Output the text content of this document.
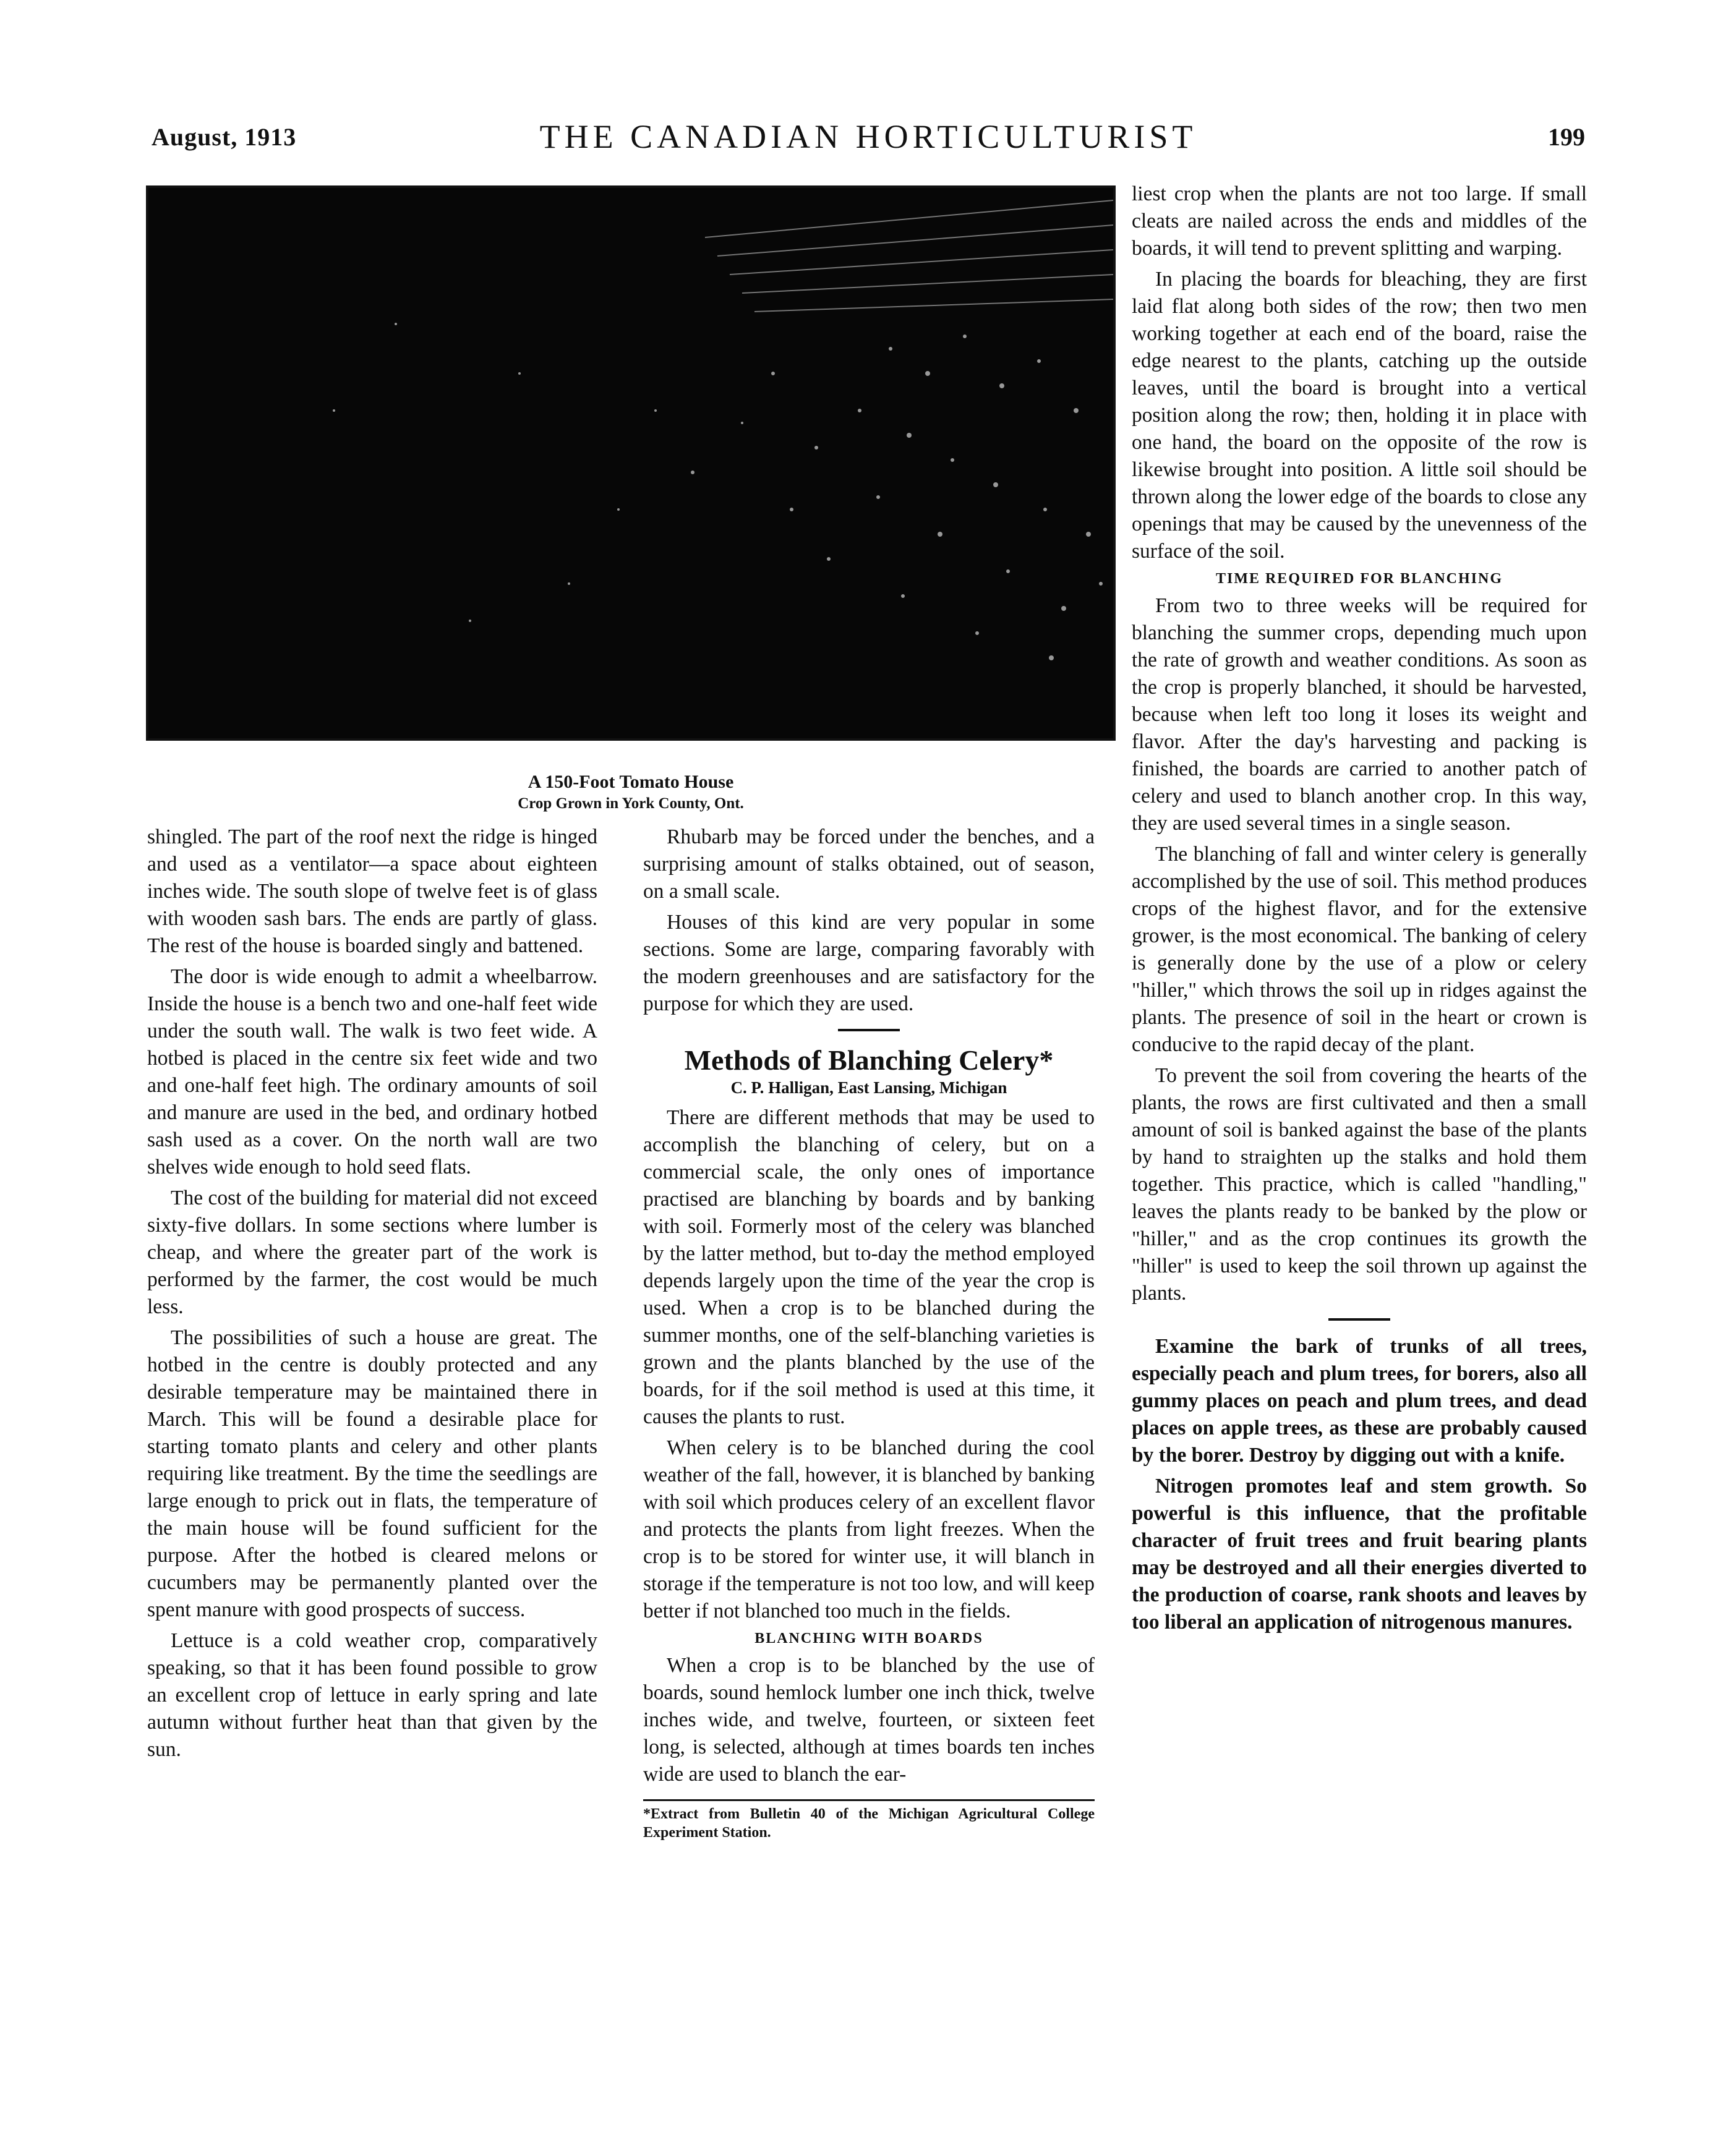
August, 1913	THE CANADIAN HORTICULTURIST	199
A 150-Foot Tomato House
Crop Grown in York County, Ont.

shingled. The part of the roof next the ridge is hinged and used as a ventilator—a space about eighteen inches wide. The south slope of twelve feet is of glass with wooden sash bars. The ends are partly of glass. The rest of the house is boarded singly and battened.

The door is wide enough to admit a wheelbarrow. Inside the house is a bench two and one-half feet wide under the south wall. The walk is two feet wide. A hotbed is placed in the centre six feet wide and two and one-half feet high. The ordinary amounts of soil and manure are used in the bed, and ordinary hotbed sash used as a cover. On the north wall are two shelves wide enough to hold seed flats.

The cost of the building for material did not exceed sixty-five dollars. In some sections where lumber is cheap, and where the greater part of the work is performed by the farmer, the cost would be much less.

The possibilities of such a house are great. The hotbed in the centre is doubly protected and any desirable temperature may be maintained there in March. This will be found a desirable place for starting tomato plants and celery and other plants requiring like treatment. By the time the seedlings are large enough to prick out in flats, the temperature of the main house will be found sufficient for the purpose. After the hotbed is cleared melons or cucumbers may be permanently planted over the spent manure with good prospects of success.

Lettuce is a cold weather crop, comparatively speaking, so that it has been found possible to grow an excellent crop of lettuce in early spring and late autumn without further heat than that given by the sun.

Rhubarb may be forced under the benches, and a surprising amount of stalks obtained, out of season, on a small scale.

Houses of this kind are very popular in some sections. Some are large, comparing favorably with the modern greenhouses and are satisfactory for the purpose for which they are used.

Methods of Blanching Celery*
C. P. Halligan, East Lansing, Michigan

There are different methods that may be used to accomplish the blanching of celery, but on a commercial scale, the only ones of importance practised are blanching by boards and by banking with soil. Formerly most of the celery was blanched by the latter method, but to-day the method employed depends largely upon the time of the year the crop is used. When a crop is to be blanched during the summer months, one of the self-blanching varieties is grown and the plants blanched by the use of the boards, for if the soil method is used at this time, it causes the plants to rust.

When celery is to be blanched during the cool weather of the fall, however, it is blanched by banking with soil which produces celery of an excellent flavor and protects the plants from light freezes. When the crop is to be stored for winter use, it will blanch in storage if the temperature is not too low, and will keep better if not blanched too much in the fields.

BLANCHING WITH BOARDS

When a crop is to be blanched by the use of boards, sound hemlock lumber one inch thick, twelve inches wide, and twelve, fourteen, or sixteen feet long, is selected, although at times boards ten inches wide are used to blanch the ear-

*Extract from Bulletin 40 of the Michigan Agricultural College Experiment Station.

liest crop when the plants are not too large. If small cleats are nailed across the ends and middles of the boards, it will tend to prevent splitting and warping.

In placing the boards for bleaching, they are first laid flat along both sides of the row; then two men working together at each end of the board, raise the edge nearest to the plants, catching up the outside leaves, until the board is brought into a vertical position along the row; then, holding it in place with one hand, the board on the opposite of the row is likewise brought into position. A little soil should be thrown along the lower edge of the boards to close any openings that may be caused by the unevenness of the surface of the soil.

TIME REQUIRED FOR BLANCHING

From two to three weeks will be required for blanching the summer crops, depending much upon the rate of growth and weather conditions. As soon as the crop is properly blanched, it should be harvested, because when left too long it loses its weight and flavor. After the day's harvesting and packing is finished, the boards are carried to another patch of celery and used to blanch another crop. In this way, they are used several times in a single season.

The blanching of fall and winter celery is generally accomplished by the use of soil. This method produces crops of the highest flavor, and for the extensive grower, is the most economical. The banking of celery is generally done by the use of a plow or celery "hiller," which throws the soil up in ridges against the plants. The presence of soil in the heart or crown is conducive to the rapid decay of the plant.

To prevent the soil from covering the hearts of the plants, the rows are first cultivated and then a small amount of soil is banked against the base of the plants by hand to straighten up the stalks and hold them together. This practice, which is called "handling," leaves the plants ready to be banked by the plow or "hiller," and as the crop continues its growth the "hiller" is used to keep the soil thrown up against the plants.

Examine the bark of trunks of all trees, especially peach and plum trees, for borers, also all gummy places on peach and plum trees, and dead places on apple trees, as these are probably caused by the borer. Destroy by digging out with a knife.

Nitrogen promotes leaf and stem growth. So powerful is this influence, that the profitable character of fruit trees and fruit bearing plants may be destroyed and all their energies diverted to the production of coarse, rank shoots and leaves by too liberal an application of nitrogenous manures.
